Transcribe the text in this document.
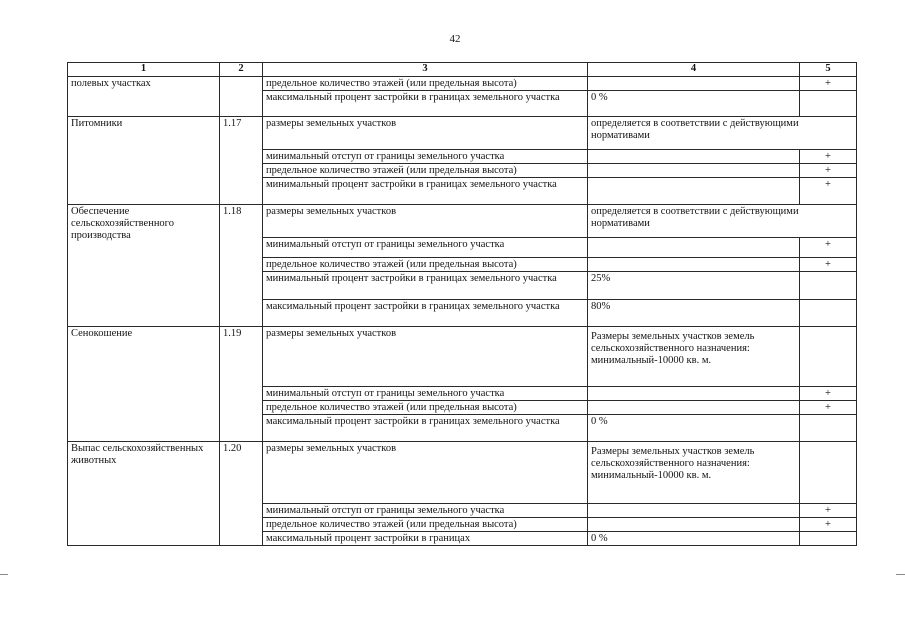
42
1	2	3	4	5
полевых участках		предельное количество этажей (или предельная высота)		+
		максимальный процент застройки в границах земельного участка	0 %	
Питомники	1.17	размеры земельных участков	определяется в соответствии с действующими нормативами	
		минимальный отступ от границы земельного участка		+
		предельное количество этажей (или предельная высота)		+
		минимальный процент застройки в границах земельного участка		+
Обеспечение сельскохозяйственного производства	1.18	размеры земельных участков	определяется в соответствии с действующими нормативами	
		минимальный отступ от границы земельного участка		+
		предельное количество этажей (или предельная высота)		+
		минимальный процент застройки в границах земельного участка	25%	
		максимальный процент застройки в границах земельного участка	80%	
Сенокошение	1.19	размеры земельных участков	Размеры земельных участков земель сельскохозяйственного назначения: минимальный-10000 кв. м.	
		минимальный отступ от границы земельного участка		+
		предельное количество этажей (или предельная высота)		+
		максимальный процент застройки в границах земельного участка	0 %	
Выпас сельскохозяйственных животных	1.20	размеры земельных участков	Размеры земельных участков земель сельскохозяйственного назначения: минимальный-10000 кв. м.	
		минимальный отступ от границы земельного участка		+
		предельное количество этажей (или предельная высота)		+
		максимальный процент застройки в границах	0 %	
